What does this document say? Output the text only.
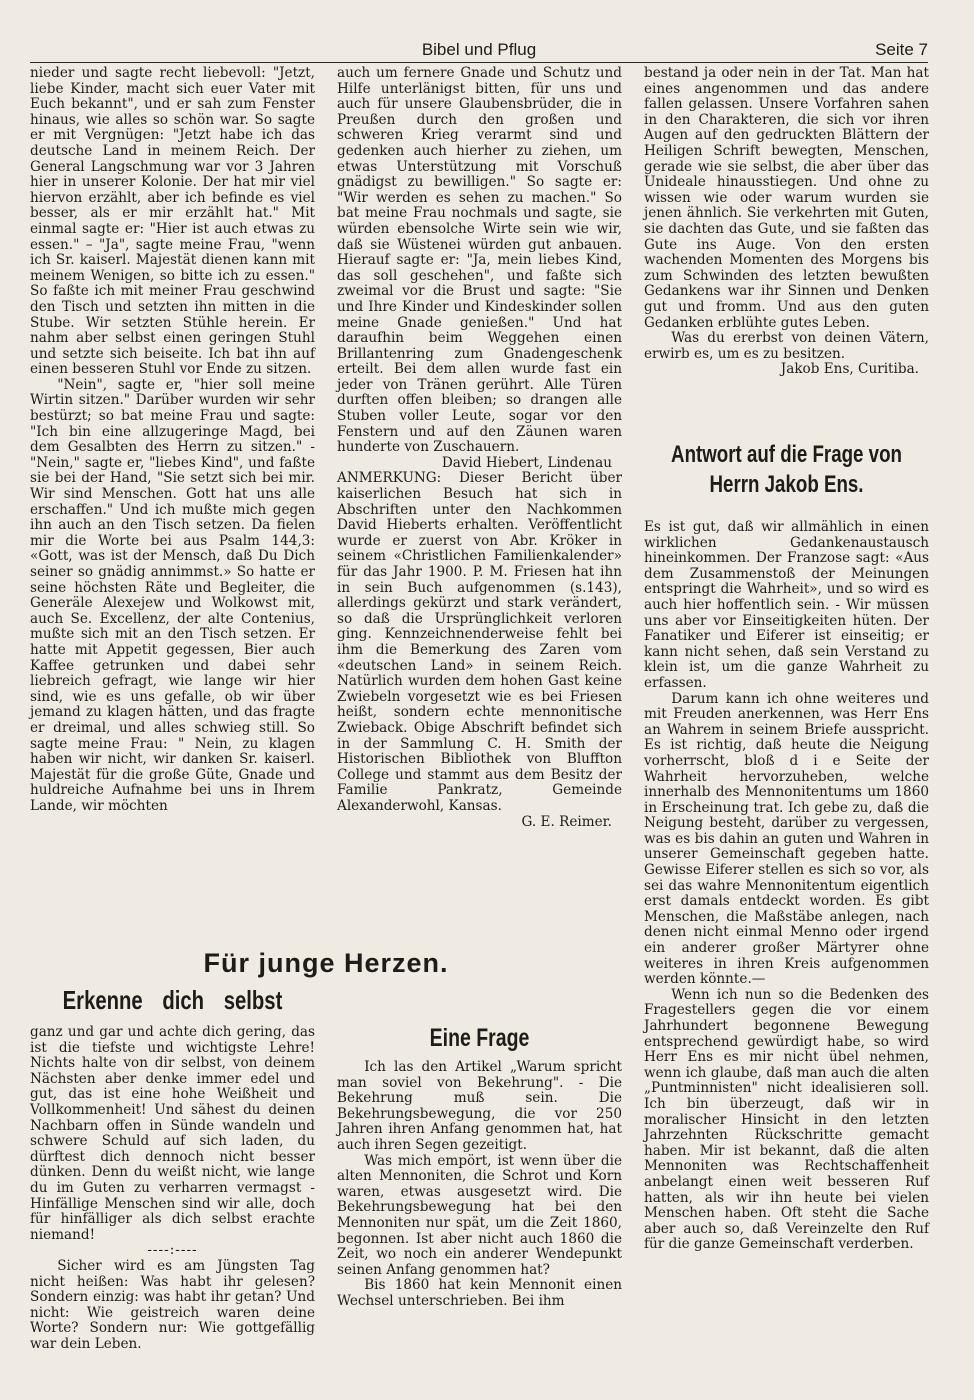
Bibel und Pflug	Seite 7

nieder und sagte recht liebevoll: "Jetzt, liebe Kinder, macht sich euer Vater mit Euch bekannt", und er sah zum Fenster hinaus, wie alles so schön war. So sagte er mit Vergnügen: "Jetzt habe ich das deutsche Land in meinem Reich. Der General Langschmung war vor 3 Jahren hier in unserer Kolonie. Der hat mir viel hiervon erzählt, aber ich befinde es viel besser, als er mir erzählt hat." Mit einmal sagte er: "Hier ist auch etwas zu essen." – "Ja", sagte meine Frau, "wenn ich Sr. kaiserl. Majestät dienen kann mit meinem Wenigen, so bitte ich zu essen." So faßte ich mit meiner Frau geschwind den Tisch und setzten ihn mitten in die Stube. Wir setzten Stühle herein. Er nahm aber selbst einen geringen Stuhl und setzte sich beiseite. Ich bat ihn auf einen besseren Stuhl vor Ende zu sitzen.

"Nein", sagte er, "hier soll meine Wirtin sitzen." Darüber wurden wir sehr bestürzt; so bat meine Frau und sagte: "Ich bin eine allzugeringe Magd, bei dem Gesalbten des Herrn zu sitzen." - "Nein," sagte er, "liebes Kind", und faßte sie bei der Hand, "Sie setzt sich bei mir. Wir sind Menschen. Gott hat uns alle erschaffen." Und ich mußte mich gegen ihn auch an den Tisch setzen. Da fielen mir die Worte bei aus Psalm 144,3: «Gott, was ist der Mensch, daß Du Dich seiner so gnädig annimmst.» So hatte er seine höchsten Räte und Begleiter, die Generäle Alexejew und Wolkowst mit, auch Se. Excellenz, der alte Contenius, mußte sich mit an den Tisch setzen. Er hatte mit Appetit gegessen, Bier auch Kaffee getrunken und dabei sehr liebreich gefragt, wie lange wir hier sind, wie es uns gefalle, ob wir über jemand zu klagen hätten, und das fragte er dreimal, und alles schwieg still. So sagte meine Frau: " Nein, zu klagen haben wir nicht, wir danken Sr. kaiserl. Majestät für die große Güte, Gnade und huldreiche Aufnahme bei uns in Ihrem Lande, wir möchten

auch um fernere Gnade und Schutz und Hilfe unterlänigst bitten, für uns und auch für unsere Glaubensbrüder, die in Preußen durch den großen und schweren Krieg verarmt sind und gedenken auch hierher zu ziehen, um etwas Unterstützung mit Vorschuß gnädigst zu bewilligen." So sagte er: "Wir werden es sehen zu machen." So bat meine Frau nochmals und sagte, sie würden ebensolche Wirte sein wie wir, daß sie Wüstenei würden gut anbauen. Hierauf sagte er: "Ja, mein liebes Kind, das soll geschehen", und faßte sich zweimal vor die Brust und sagte: "Sie und Ihre Kinder und Kindeskinder sollen meine Gnade genießen." Und hat daraufhin beim Weggehen einen Brillantenring zum Gnadengeschenk erteilt. Bei dem allen wurde fast ein jeder von Tränen gerührt. Alle Türen durften offen bleiben; so drangen alle Stuben voller Leute, sogar vor den Fenstern und auf den Zäunen waren hunderte von Zuschauern.

David Hiebert, Lindenau

ANMERKUNG: Dieser Bericht über kaiserlichen Besuch hat sich in Abschriften unter den Nachkommen David Hieberts erhalten. Veröffentlicht wurde er zuerst von Abr. Kröker in seinem «Christlichen Familienkalender» für das Jahr 1900. P. M. Friesen hat ihn in sein Buch aufgenommen (s.143), allerdings gekürzt und stark verändert, so daß die Ursprünglichkeit verloren ging. Kennzeichnenderweise fehlt bei ihm die Bemerkung des Zaren vom «deutschen Land» in seinem Reich. Natürlich wurden dem hohen Gast keine Zwiebeln vorgesetzt wie es bei Friesen heißt, sondern echte mennonitische Zwieback. Obige Abschrift befindet sich in der Sammlung C. H. Smith der Historischen Bibliothek von Bluffton College und stammt aus dem Besitz der Familie Pankratz, Gemeinde Alexanderwohl, Kansas.

G. E. Reimer.

bestand ja oder nein in der Tat. Man hat eines angenommen und das andere fallen gelassen. Unsere Vorfahren sahen in den Charakteren, die sich vor ihren Augen auf den gedruckten Blättern der Heiligen Schrift bewegten, Menschen, gerade wie sie selbst, die aber über das Unideale hinausstiegen. Und ohne zu wissen wie oder warum wurden sie jenen ähnlich. Sie verkehrten mit Guten, sie dachten das Gute, und sie faßten das Gute ins Auge. Von den ersten wachenden Momenten des Morgens bis zum Schwinden des letzten bewußten Gedankens war ihr Sinnen und Denken gut und fromm. Und aus den guten Gedanken erblühte gutes Leben.

Was du ererbst von deinen Vätern, erwirb es, um es zu besitzen.

Jakob Ens, Curitiba.

Antwort auf die Frage von Herrn Jakob Ens.

Es ist gut, daß wir allmählich in einen wirklichen Gedankenaustausch hineinkommen. Der Franzose sagt: «Aus dem Zusammenstoß der Meinungen entspringt die Wahrheit», und so wird es auch hier hoffentlich sein. - Wir müssen uns aber vor Einseitigkeiten hüten. Der Fanatiker und Eiferer ist einseitig; er kann nicht sehen, daß sein Verstand zu klein ist, um die ganze Wahrheit zu erfassen.

Darum kann ich ohne weiteres und mit Freuden anerkennen, was Herr Ens an Wahrem in seinem Briefe ausspricht. Es ist richtig, daß heute die Neigung vorherrscht, bloß d i e Seite der Wahrheit hervorzuheben, welche innerhalb des Mennonitentums um 1860 in Erscheinung trat. Ich gebe zu, daß die Neigung besteht, darüber zu vergessen, was es bis dahin an guten und Wahren in unserer Gemeinschaft gegeben hatte. Gewisse Eiferer stellen es sich so vor, als sei das wahre Mennonitentum eigentlich erst damals entdeckt worden. Es gibt Menschen, die Maßstäbe anlegen, nach denen nicht einmal Menno oder irgend ein anderer großer Märtyrer ohne weiteres in ihren Kreis aufgenommen werden könnte.—

Wenn ich nun so die Bedenken des Fragestellers gegen die vor einem Jahrhundert begonnene Bewegung entsprechend gewürdigt habe, so wird Herr Ens es mir nicht übel nehmen, wenn ich glaube, daß man auch die alten „Puntminnisten" nicht idealisieren soll. Ich bin überzeugt, daß wir in moralischer Hinsicht in den letzten Jahrzehnten Rückschritte gemacht haben. Mir ist bekannt, daß die alten Mennoniten was Rechtschaffenheit anbelangt einen weit besseren Ruf hatten, als wir ihn heute bei vielen Menschen haben. Oft steht die Sache aber auch so, daß Vereinzelte den Ruf für die ganze Gemeinschaft verderben.

Für junge Herzen.
Erkenne dich selbst

ganz und gar und achte dich gering, das ist die tiefste und wichtigste Lehre! Nichts halte von dir selbst, von deinem Nächsten aber denke immer edel und gut, das ist eine hohe Weißheit und Vollkommenheit! Und sähest du deinen Nachbarn offen in Sünde wandeln und schwere Schuld auf sich laden, du dürftest dich dennoch nicht besser dünken. Denn du weißt nicht, wie lange du im Guten zu verharren vermagst - Hinfällige Menschen sind wir alle, doch für hinfälliger als dich selbst erachte niemand!

----:----

Sicher wird es am Jüngsten Tag nicht heißen: Was habt ihr gelesen? Sondern einzig: was habt ihr getan? Und nicht: Wie geistreich waren deine Worte? Sondern nur: Wie gottgefällig war dein Leben.

Eine Frage

Ich las den Artikel „Warum spricht man soviel von Bekehrung". - Die Bekehrung muß sein. Die Bekehrungsbewegung, die vor 250 Jahren ihren Anfang genommen hat, hat auch ihren Segen gezeitigt.

Was mich empört, ist wenn über die alten Mennoniten, die Schrot und Korn waren, etwas ausgesetzt wird. Die Bekehrungsbewegung hat bei den Mennoniten nur spät, um die Zeit 1860, begonnen. Ist aber nicht auch 1860 die Zeit, wo noch ein anderer Wendepunkt seinen Anfang genommen hat?

Bis 1860 hat kein Mennonit einen Wechsel unterschrieben. Bei ihm
